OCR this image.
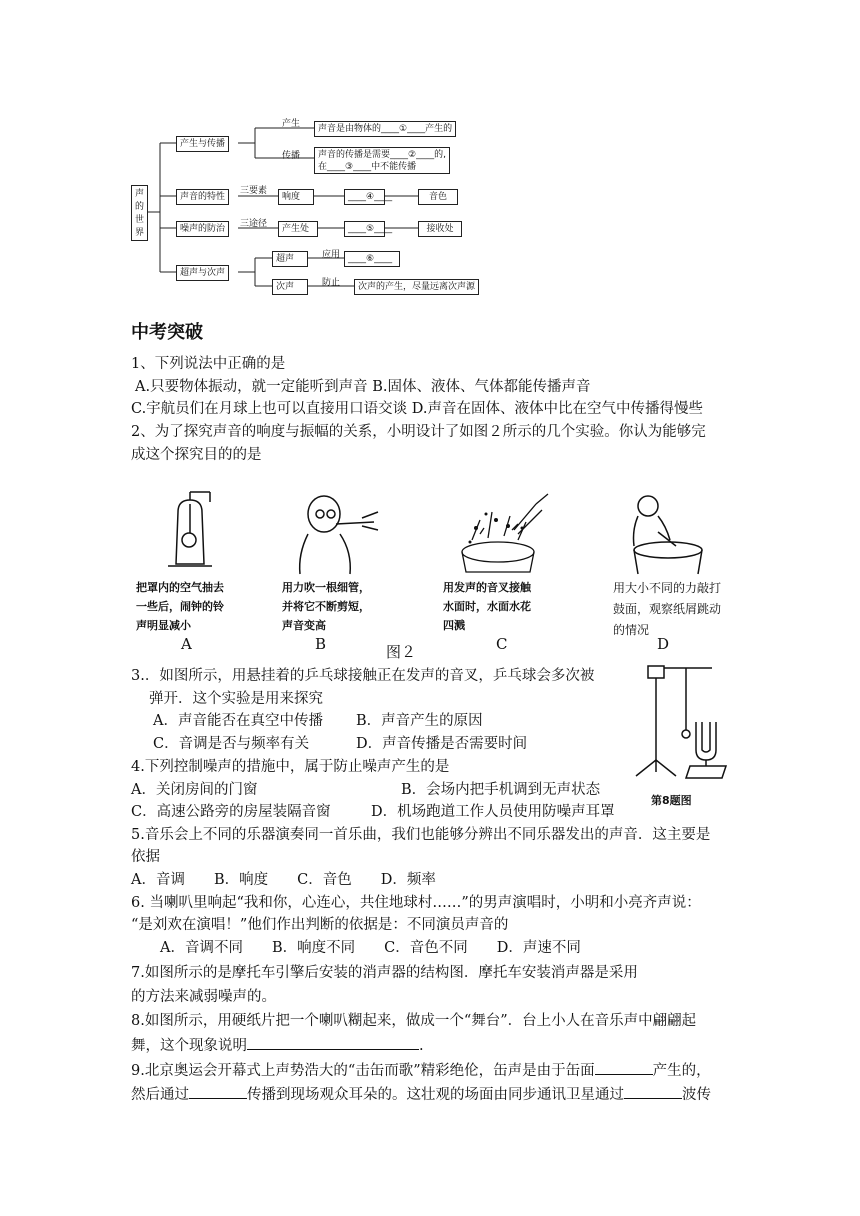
声的世界
产生与传播
声音的特性
噪声的防治
超声与次声
产生
传播
三要素
三途径
应用
防止
声音是由物体的____①____产生的
声音的传播是需要____②____的,
在____③____中不能传播
响度	____④____	音色
产生处	____⑤____	接收处
超声	____⑥____
次声	次声的产生，尽量远离次声源
中考突破
1、下列说法中正确的是
A.只要物体振动，就一定能听到声音 B.固体、液体、气体都能传播声音
C.宇航员们在月球上也可以直接用口语交谈 D.声音在固体、液体中比在空气中传播得慢些
2、为了探究声音的响度与振幅的关系，小明设计了如图２所示的几个实验。你认为能够完
成这个探究目的的是
把罩内的空气抽去
一些后，闹钟的铃
声明显减小
用力吹一根细管，
并将它不断剪短，
声音变高
用发声的音叉接触
水面时，水面水花
四溅
用大小不同的力敲打
鼓面，观察纸屑跳动
的情况
A	B	图２	C	D
3.．如图所示，用悬挂着的乒乓球接触正在发声的音叉，乒乓球会多次被
弹开．这个实验是用来探究
A．声音能否在真空中传播 B．声音产生的原因
C．音调是否与频率有关	D．声音传播是否需要时间
第8题图
4.下列控制噪声的措施中，属于防止噪声产生的是
A．关闭房间的门窗	B．会场内把手机调到无声状态
C．高速公路旁的房屋装隔音窗	D．机场跑道工作人员使用防噪声耳罩
5.音乐会上不同的乐器演奏同一首乐曲，我们也能够分辨出不同乐器发出的声音．这主要是
依据
A．音调　　B．响度　　C．音色　　D．频率
6. 当喇叭里响起“我和你，心连心，共住地球村……”的男声演唱时，小明和小亮齐声说：
“是刘欢在演唱！”他们作出判断的依据是：不同演员声音的
A．音调不同　　B．响度不同　　C．音色不同　　D．声速不同
7.如图所示的是摩托车引擎后安装的消声器的结构图．摩托车安装消声器是采用
的方法来减弱噪声的。
8.如图所示，用硬纸片把一个喇叭糊起来，做成一个“舞台”．台上小人在音乐声中翩翩起
舞，这个现象说明	.
9.北京奥运会开幕式上声势浩大的“击缶而歌”精彩绝伦，缶声是由于缶面	产生的，
然后通过	传播到现场观众耳朵的。这壮观的场面由同步通讯卫星通过	波传
